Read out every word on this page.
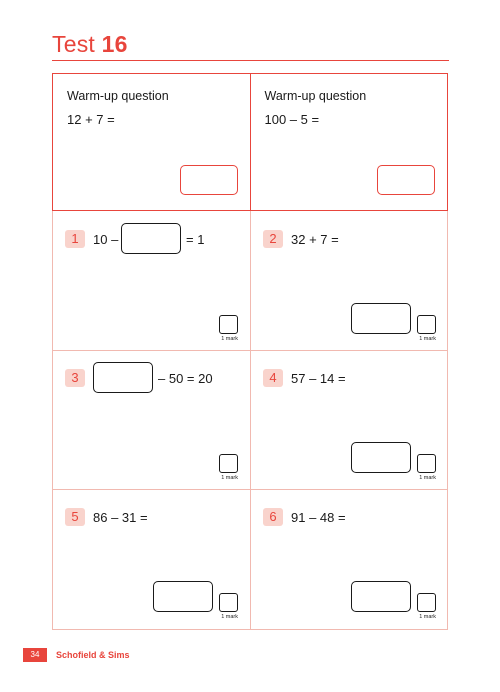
Test 16
Warm-up question
12 + 7 =
Warm-up question
100 – 5 =
1	10 –	= 1
1 mark
2	32 + 7 =
1 mark
3	– 50 = 20
1 mark
4	57 – 14 =
1 mark
5	86 – 31 =
1 mark
6	91 – 48 =
1 mark
34	Schofield & Sims
